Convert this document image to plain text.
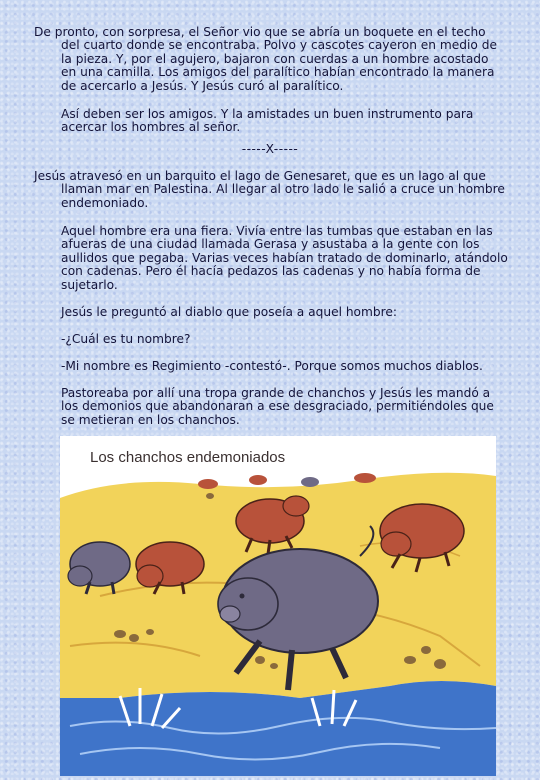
De pronto, con sorpresa, el Señor vio que se abría un boquete en el techo
del cuarto donde se encontraba. Polvo y cascotes cayeron en medio de la pieza. Y, por el agujero, bajaron con cuerdas a un hombre acostado en una camilla. Los amigos del paralítico habían encontrado la manera de acercarlo a Jesús. Y Jesús curó al paralítico.

Así deben ser los amigos. Y la amistades un buen instrumento para acercar los hombres al señor.

-----X-----

Jesús atravesó en un barquito el lago de Genesaret, que es un lago al que
llaman mar en Palestina. Al llegar al otro lado le salió a cruce un hombre endemoniado.

Aquel hombre era una fiera. Vivía entre las tumbas que estaban en las afueras de una ciudad llamada Gerasa y asustaba a la gente con los aullidos que pegaba. Varias veces habían tratado de dominarlo, atándolo con cadenas. Pero él hacía pedazos las cadenas y no había forma de sujetarlo.

Jesús le preguntó al diablo que poseía a aquel hombre:

-¿Cuál es tu nombre?

-Mi nombre es Regimiento -contestó-. Porque somos muchos diablos.

Pastoreaba por allí una tropa grande de chanchos y Jesús les mandó a los demonios que abandonaran a ese desgraciado, permitiéndoles que se metieran en los chanchos.

Los chanchos endemoniados
